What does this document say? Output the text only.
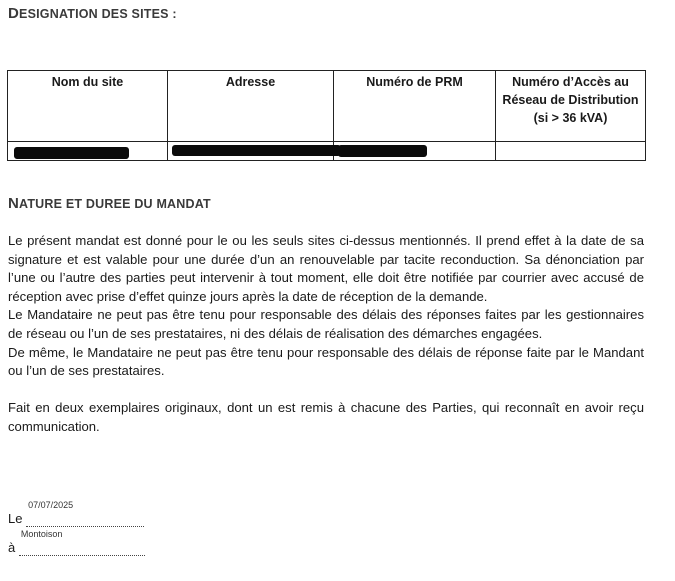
DESIGNATION DES SITES :
Nom du site	Adresse	Numéro de PRM	Numéro d’Accès au
Réseau de Distribution
(si > 36 kVA)

NATURE ET DUREE DU MANDAT

Le présent mandat est donné pour le ou les seuls sites ci-dessus mentionnés. Il prend effet à la date de sa signature et est valable pour une durée d’un an renouvelable par tacite reconduction. Sa dénonciation par l’une ou l’autre des parties peut intervenir à tout moment, elle doit être notifiée par courrier avec accusé de réception avec prise d’effet quinze jours après la date de réception de la demande.

Le Mandataire ne peut pas être tenu pour responsable des délais des réponses faites par les gestionnaires de réseau ou l’un de ses prestataires, ni des délais de réalisation des démarches engagées.

De même, le Mandataire ne peut pas être tenu pour responsable des délais de réponse faite par le Mandant ou l’un de ses prestataires.

Fait en deux exemplaires originaux, dont un est remis à chacune des Parties, qui reconnaît en avoir reçu communication.

Le
07/07/2025
à
Montoison
